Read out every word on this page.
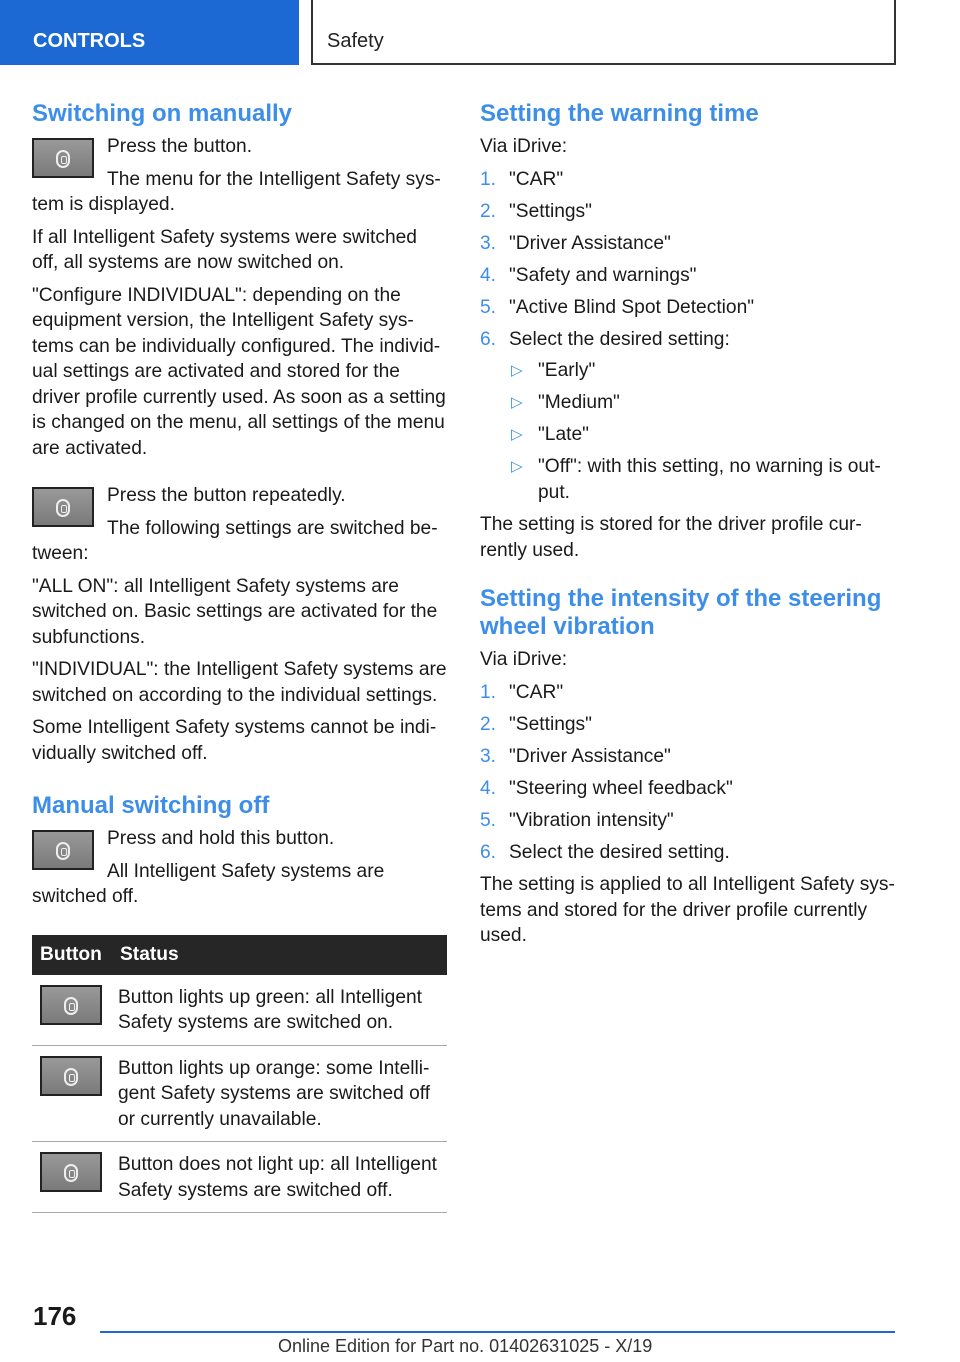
CONTROLS	Safety
Switching on manually

Press the button.

The menu for the Intelligent Safety sys-tem is displayed.

If all Intelligent Safety systems were switched off, all systems are now switched on.

"Configure INDIVIDUAL": depending on the equipment version, the Intelligent Safety sys-tems can be individually configured. The individ-ual settings are activated and stored for the driver profile currently used. As soon as a setting is changed on the menu, all settings of the menu are activated.

Press the button repeatedly.

The following settings are switched be-tween:

"ALL ON": all Intelligent Safety systems are switched on. Basic settings are activated for the subfunctions.

"INDIVIDUAL": the Intelligent Safety systems are switched on according to the individual settings.

Some Intelligent Safety systems cannot be indi-vidually switched off.

Manual switching off

Press and hold this button.

All Intelligent Safety systems are switched off.

Button	Status

	Button lights up green: all Intelligent Safety systems are switched on.

	Button lights up orange: some Intelli-gent Safety systems are switched off or currently unavailable.

	Button does not light up: all Intelligent Safety systems are switched off.
Setting the warning time

Via iDrive:

1. "CAR"
2. "Settings"
3. "Driver Assistance"
4. "Safety and warnings"
5. "Active Blind Spot Detection"
6. Select the desired setting:
▷ "Early"
▷ "Medium"
▷ "Late"
▷ "Off": with this setting, no warning is out-put.

The setting is stored for the driver profile cur-rently used.

Setting the intensity of the steering wheel vibration

Via iDrive:

1. "CAR"
2. "Settings"
3. "Driver Assistance"
4. "Steering wheel feedback"
5. "Vibration intensity"
6. Select the desired setting.

The setting is applied to all Intelligent Safety sys-tems and stored for the driver profile currently used.

176
Online Edition for Part no. 01402631025 - X/19
